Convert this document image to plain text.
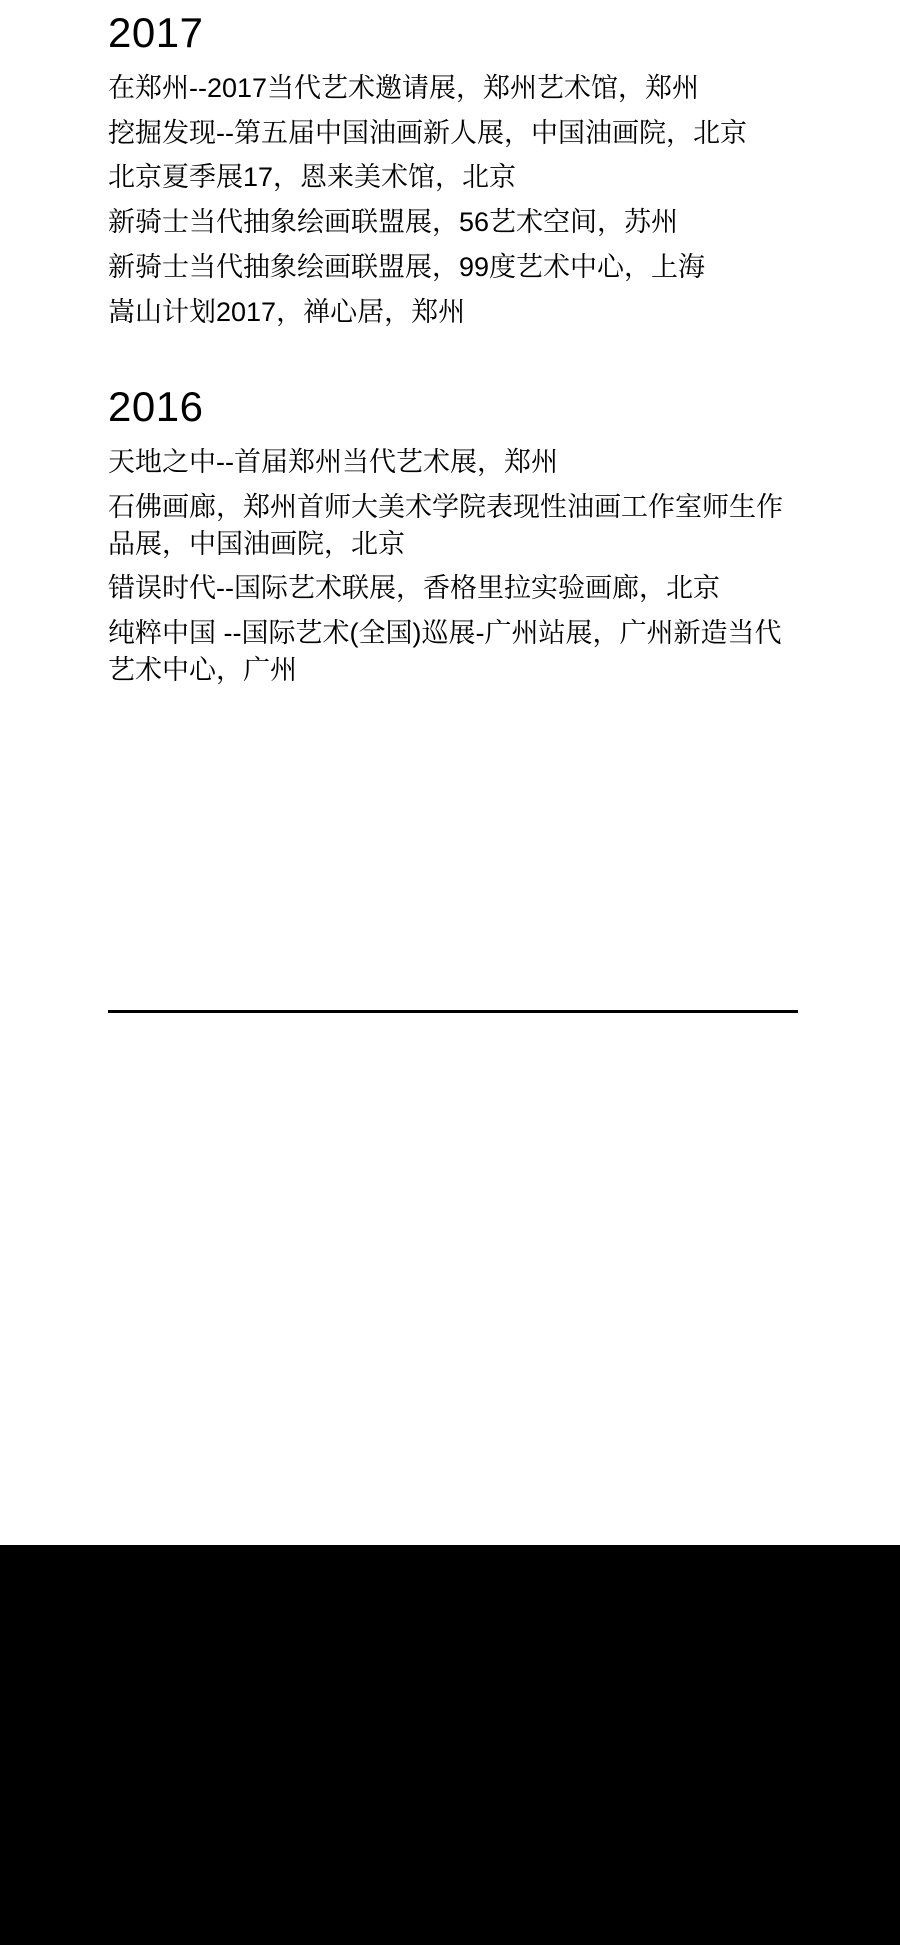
2017
在郑州--2017当代艺术邀请展，郑州艺术馆，郑州
挖掘发现--第五届中国油画新人展，中国油画院，北京
北京夏季展17，恩来美术馆，北京
新骑士当代抽象绘画联盟展，56艺术空间，苏州
新骑士当代抽象绘画联盟展，99度艺术中心，上海
嵩山计划2017，禅心居，郑州
2016
天地之中--首届郑州当代艺术展，郑州
石佛画廊，郑州首师大美术学院表现性油画工作室师生作品展，中国油画院，北京
错误时代--国际艺术联展，香格里拉实验画廊，北京
纯粹中国 --国际艺术(全国)巡展-广州站展，广州新造当代艺术中心，广州
